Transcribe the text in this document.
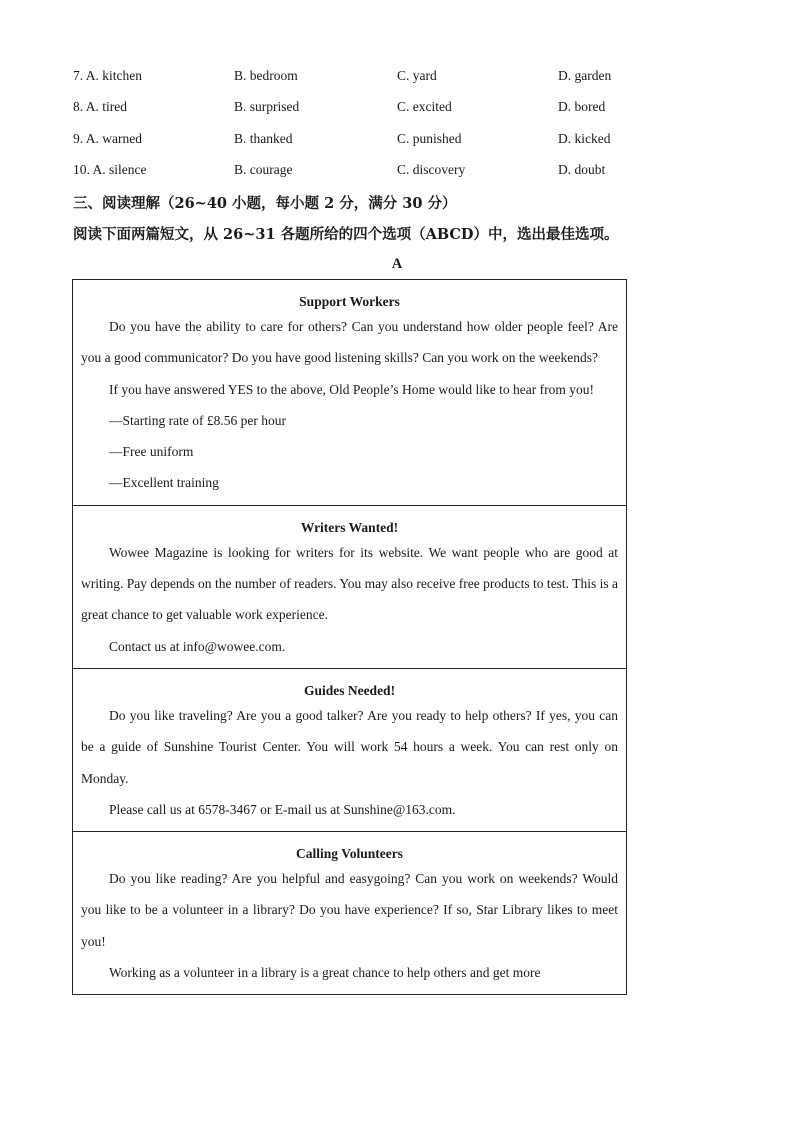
7. A. kitchen	B. bedroom	C. yard	D. garden
8. A. tired	B. surprised	C. excited	D. bored
9. A. warned	B. thanked	C. punished	D. kicked
10. A. silence	B. courage	C. discovery	D. doubt
三、阅读理解（26~40 小题，每小题 2 分，满分 30 分）
阅读下面两篇短文，从 26~31 各题所给的四个选项（ABCD）中，选出最佳选项。
A
Support Workers
Do you have the ability to care for others? Can you understand how older people feel? Are you a good communicator? Do you have good listening skills? Can you work on the weekends?
If you have answered YES to the above, Old People’s Home would like to hear from you!
—Starting rate of £8.56 per hour
—Free uniform
—Excellent training
Writers Wanted!
Wowee Magazine is looking for writers for its website. We want people who are good at writing. Pay depends on the number of readers. You may also receive free products to test. This is a great chance to get valuable work experience.
Contact us at info@wowee.com.
Guides Needed!
Do you like traveling? Are you a good talker? Are you ready to help others? If yes, you can be a guide of Sunshine Tourist Center. You will work 54 hours a week. You can rest only on Monday.
Please call us at 6578-3467 or E-mail us at Sunshine@163.com.
Calling Volunteers
Do you like reading? Are you helpful and easygoing? Can you work on weekends? Would you like to be a volunteer in a library? Do you have experience? If so, Star Library likes to meet you!
Working as a volunteer in a library is a great chance to help others and get more
